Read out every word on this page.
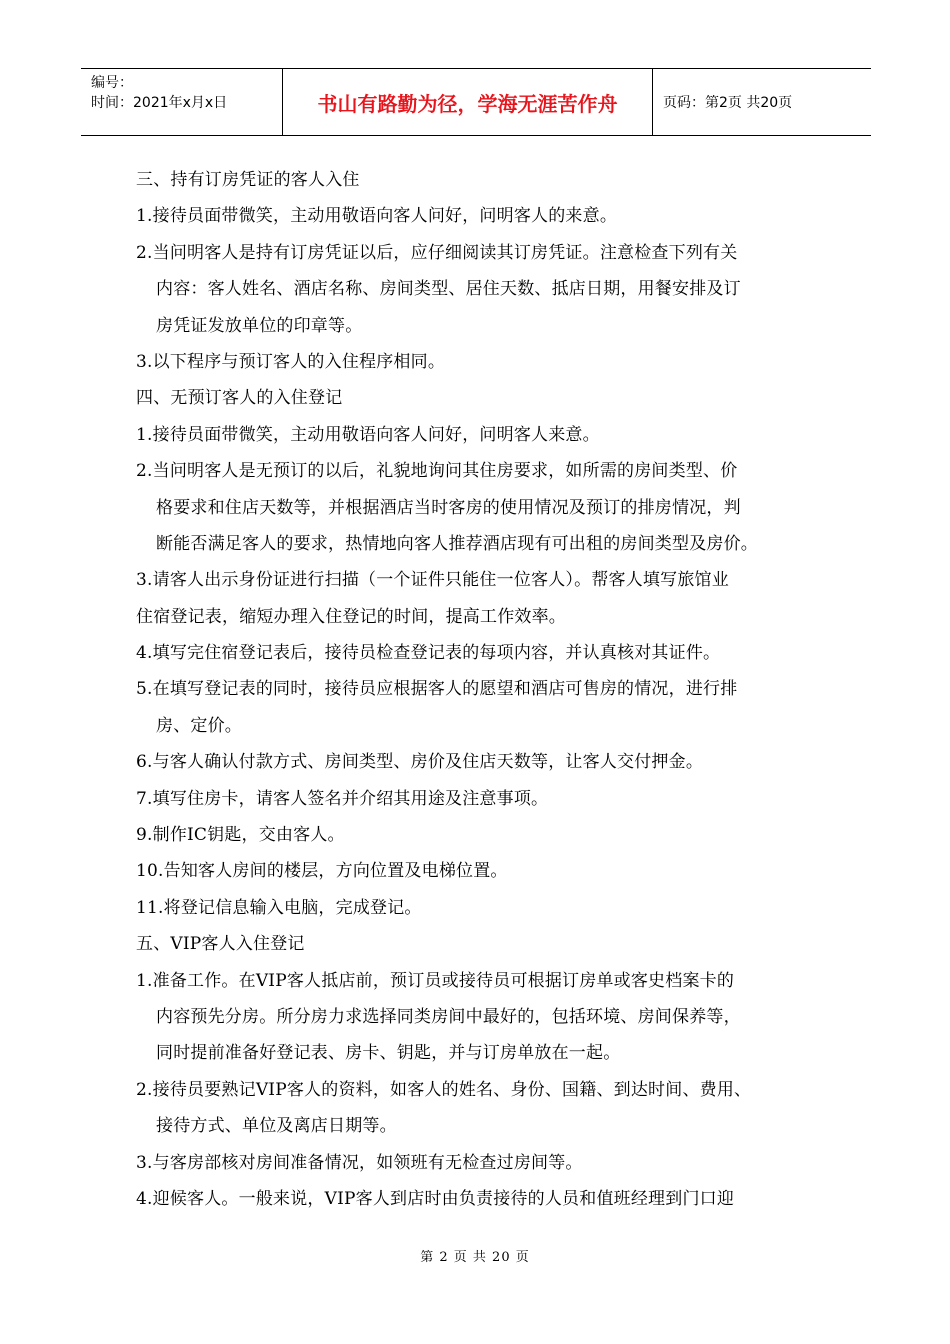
编号：
时间：2021年x月x日	书山有路勤为径，学海无涯苦作舟	页码：第2页 共20页
三、持有订房凭证的客人入住
1.接待员面带微笑，主动用敬语向客人问好，问明客人的来意。
2.当问明客人是持有订房凭证以后，应仔细阅读其订房凭证。注意检查下列有关
内容：客人姓名、酒店名称、房间类型、居住天数、抵店日期，用餐安排及订
房凭证发放单位的印章等。
3.以下程序与预订客人的入住程序相同。
四、无预订客人的入住登记
1.接待员面带微笑，主动用敬语向客人问好，问明客人来意。
2.当问明客人是无预订的以后，礼貌地询问其住房要求，如所需的房间类型、价
格要求和住店天数等，并根据酒店当时客房的使用情况及预订的排房情况，判
断能否满足客人的要求，热情地向客人推荐酒店现有可出租的房间类型及房价。
3.请客人出示身份证进行扫描（一个证件只能住一位客人）。帮客人填写旅馆业
住宿登记表，缩短办理入住登记的时间，提高工作效率。
4.填写完住宿登记表后，接待员检查登记表的每项内容，并认真核对其证件。
5.在填写登记表的同时，接待员应根据客人的愿望和酒店可售房的情况，进行排
房、定价。
6.与客人确认付款方式、房间类型、房价及住店天数等，让客人交付押金。
7.填写住房卡，请客人签名并介绍其用途及注意事项。
9.制作IC钥匙，交由客人。
10.告知客人房间的楼层，方向位置及电梯位置。
11.将登记信息输入电脑，完成登记。
五、VIP客人入住登记
1.准备工作。在VIP客人抵店前，预订员或接待员可根据订房单或客史档案卡的
内容预先分房。所分房力求选择同类房间中最好的，包括环境、房间保养等，
同时提前准备好登记表、房卡、钥匙，并与订房单放在一起。
2.接待员要熟记VIP客人的资料，如客人的姓名、身份、国籍、到达时间、费用、
接待方式、单位及离店日期等。
3.与客房部核对房间准备情况，如领班有无检查过房间等。
4.迎候客人。一般来说，VIP客人到店时由负责接待的人员和值班经理到门口迎
第 2 页 共 20 页
